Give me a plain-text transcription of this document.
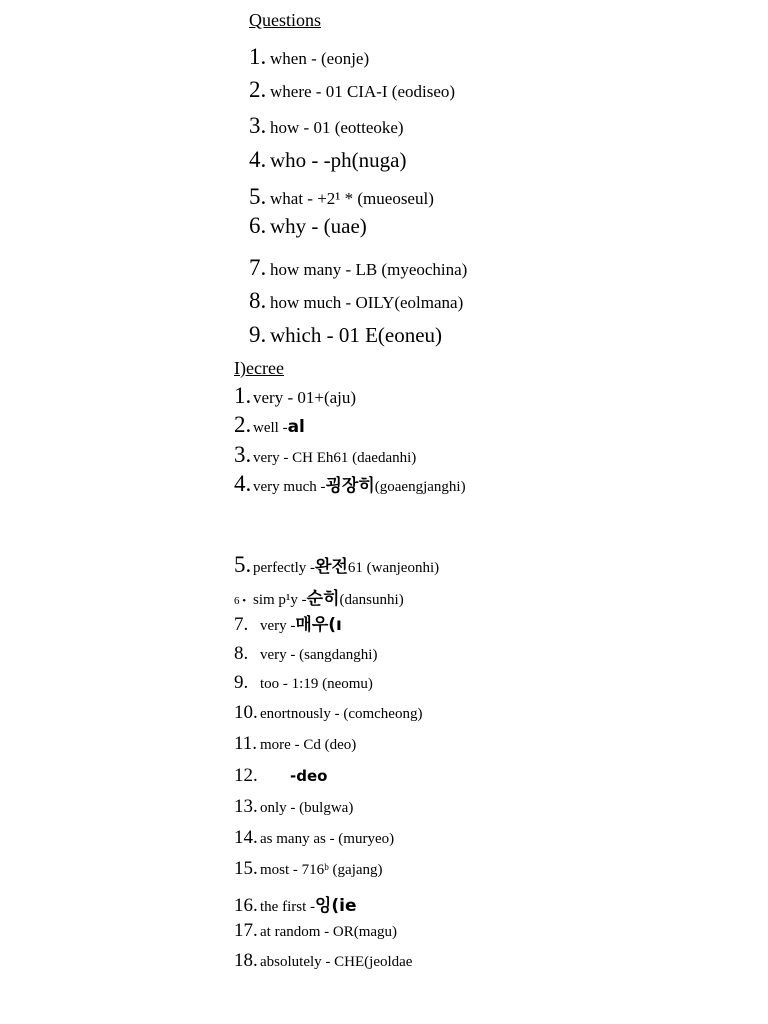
Questions
1. when - (eonje)
2. where - 01 CIA-I (eodiseo)
3. how - 01 (eotteoke)
4. who - -ph(nuga)
5. what - +2¹ * (mueoseul)
6. why - (uae)
7. how many - LB (myeochina)
8. how much - OILY(eolmana)
9. which - 01 E(eoneu)
I)ecree
1. very - 01+(aju)
2. well - al
3. very - CH Eh61 (daedanhi)
4. very much - 굉장히 (goaengjanghi)
5. perfectly - 완전 61 (wanjeonhi)
6 • sim p¹y - 순히 (dansunhi)
7. very - 매우(ı
8. very - (sangdanghi)
9. too - 1:19 (neomu)
10. enortnously - (comcheong)
11. more - Cd (deo)
12.	-deo
13. only - (bulgwa)
14. as many as - (muryeo)
15. most - 716ᵇ (gajang)
16. the first - 잉(ie
17. at random - OR(magu)
18. absolutely - CHE(jeoldae
